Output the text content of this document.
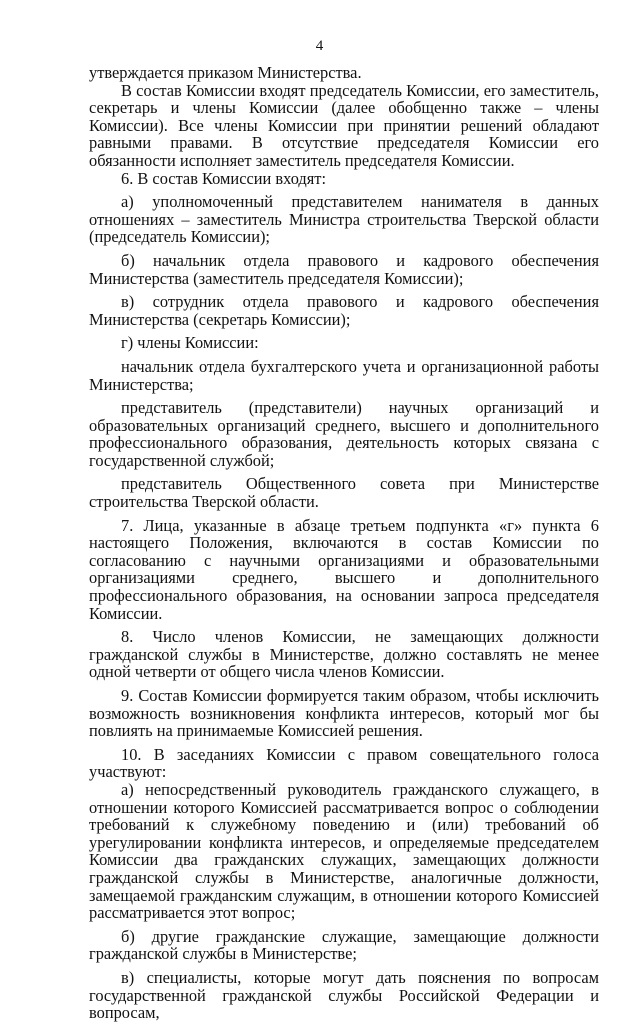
4

утверждается приказом Министерства.

В состав Комиссии входят председатель Комиссии, его заместитель, секретарь и члены Комиссии (далее обобщенно также – члены Комиссии). Все члены Комиссии при принятии решений обладают равными правами. В отсутствие председателя Комиссии его обязанности исполняет заместитель председателя Комиссии.

6. В состав Комиссии входят:

а) уполномоченный представителем нанимателя в данных отношениях – заместитель Министра строительства Тверской области (председатель Комиссии);

б) начальник отдела правового и кадрового обеспечения Министерства (заместитель председателя Комиссии);

в) сотрудник отдела правового и кадрового обеспечения Министерства (секретарь Комиссии);

г) члены Комиссии:

начальник отдела бухгалтерского учета и организационной работы Министерства;

представитель (представители) научных организаций и образовательных организаций среднего, высшего и дополнительного профессионального образования, деятельность которых связана с государственной службой;

представитель Общественного совета при Министерстве строительства Тверской области.

7. Лица, указанные в абзаце третьем подпункта «г» пункта 6 настоящего Положения, включаются в состав Комиссии по согласованию с научными организациями и образовательными организациями среднего, высшего и дополнительного профессионального образования, на основании запроса председателя Комиссии.

8. Число членов Комиссии, не замещающих должности гражданской службы в Министерстве, должно составлять не менее одной четверти от общего числа членов Комиссии.

9. Состав Комиссии формируется таким образом, чтобы исключить возможность возникновения конфликта интересов, который мог бы повлиять на принимаемые Комиссией решения.

10. В заседаниях Комиссии с правом совещательного голоса участвуют:

а) непосредственный руководитель гражданского служащего, в отношении которого Комиссией рассматривается вопрос о соблюдении требований к служебному поведению и (или) требований об урегулировании конфликта интересов, и определяемые председателем Комиссии два гражданских служащих, замещающих должности гражданской службы в Министерстве, аналогичные должности, замещаемой гражданским служащим, в отношении которого Комиссией рассматривается этот вопрос;

б) другие гражданские служащие, замещающие должности гражданской службы в Министерстве;

в) специалисты, которые могут дать пояснения по вопросам государственной гражданской службы Российской Федерации и вопросам,
